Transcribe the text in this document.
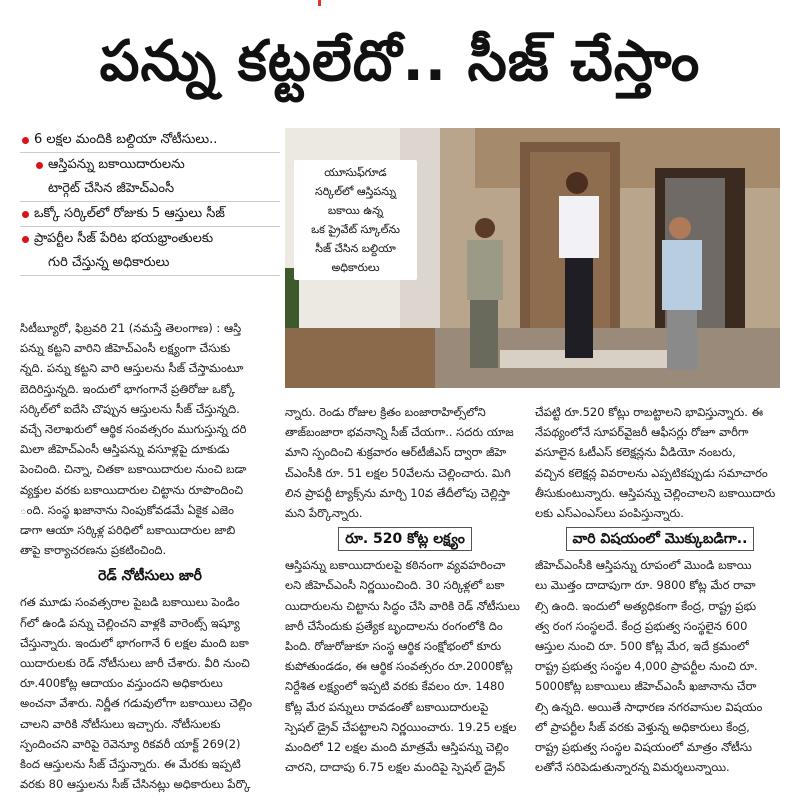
పన్ను కట్టలేదో.. సీజ్ చేస్తాం
6 లక్షల మందికి బల్దియా నోటీసులు..
ఆస్తిపన్ను బకాయిదారులను
టార్గెట్ చేసిన జీహెచ్ఎంసీ
ఒక్కో సర్కిల్‌లో రోజుకు 5 ఆస్తులు సీజ్
ప్రాపర్టీల సీజ్ పేరిట భయభ్రాంతులకు
గురి చేస్తున్న అధికారులు
యూసుఫ్‌గూడ
సర్కిల్‌లో ఆస్తిపన్ను
బకాయి ఉన్న
ఒక ప్రైవేట్ స్కూల్‌ను
సీజ్ చేసిన బల్దియా
అధికారులు

సిటీబ్యూరో, ఫిబ్రవరి 21 (నమస్తే తెలంగాణ) : ఆస్తి

పన్ను కట్టని వారిని జీహెచ్ఎంసీ లక్ష్యంగా చేసుకు

న్నది. పన్ను కట్టని వారి ఆస్తులను సీజ్ చేస్తామంటూ

బెదిరిస్తున్నది. ఇందులో భాగంగానే ప్రతిరోజు ఒక్కో

సర్కిల్‌లో ఐదేసి చొప్పున ఆస్తులను సీజ్ చేస్తున్నది.

వచ్చే నెలాఖరులో ఆర్థిక సంవత్సరం ముగుస్తున్న దరి

మిలా జీహెచ్ఎంసీ ఆస్తిపన్ను వసూళ్లపై దూకుడు

పెంచింది. చిన్నా, చితకా బకాయిదారుల నుంచి బడా

వ్యక్తుల వరకు బకాయిదారుల చిట్టాను రూపొందించి

ంది. సంస్థ ఖజానాను నింపుకోవడమే ఏకైక ఎజెం

డాగా ఆయా సర్కిళ్ల పరిధిలో బకాయిదారుల జాబి

తాపై కార్యాచరణను ప్రకటించింది.

రెడ్ నోటీసులు జారీ

గత మూడు సంవత్సరాల పైబడి బకాయిలు పెండిం

గ్‌లో ఉండి పన్ను చెల్లించని వాళ్లకి వారెంట్స్ ఇష్యూ

చేస్తున్నారు. ఇందులో భాగంగానే 6 లక్షల మంది బకా

యిదారులకు రెడ్ నోటీసులు జారీ చేశారు. వీరి నుంచి

రూ.400కోట్ల ఆదాయం వస్తుందని అధికారులు

అంచనా వేశారు. నిర్ణీత గడువులోగా బకాయిలు చెల్లిం

చాలని వారికి నోటీసులు ఇచ్చారు. నోటీసులకు

స్పందించని వారిపై రెవెన్యూ రికవరీ యాక్ట్ 269(2)

కింద ఆస్తులను సీజ్ చేస్తున్నారు. ఈ మేరకు ఇప్పటి

వరకు 80 ఆస్తులను సీజ్ చేసినట్లు అధికారులు పేర్కొ

న్నారు. రెండు రోజుల క్రితం బంజారాహిల్స్‌లోని

తాజ్‌బంజారా భవనాన్ని సీజ్ చేయగా.. సదరు యాజ

మాని స్పందించి శుక్రవారం ఆర్‌టీజీఎస్ ద్వారా జీహె

చ్ఎంసీకి రూ. 51 లక్షల 50వేలను చెల్లించారు. మిగి

లిన ప్రాపర్టీ ట్యాక్స్‌ను మార్చి 10వ తేదీలోపు చెల్లిస్తా

మని పేర్కొన్నారు.

రూ. 520 కోట్ల లక్ష్యం

ఆస్తిపన్ను బకాయిదారులపై కఠినంగా వ్యవహరించా

లని జీహెచ్ఎంసీ నిర్ణయించింది. 30 సర్కిళ్లలో బకా

యిదారులను చిట్టాను సిద్ధం చేసి వారికి రెడ్ నోటీసులు

జారీ చేసేందుకు ప్రత్యేక బృందాలను రంగంలోకి దిం

పింది. రోజురోజుకూ సంస్థ ఆర్థిక సంక్షోభంలో కూరు

కుపోతుండడం, ఈ ఆర్థిక సంవత్సరం రూ.2000కోట్ల

నిర్దేశిత లక్ష్యంలో ఇప్పటి వరకు కేవలం రూ. 1480

కోట్ల మేర పన్నులు రావడంతో బకాయిదారులపై

స్పెషల్ డ్రైవ్ చేపట్టాలని నిర్ణయించారు. 19.25 లక్షల

మందిలో 12 లక్షల మంది మాత్రమే ఆస్తిపన్ను చెల్లిం

చారని, దాదాపు 6.75 లక్షల మందిపై స్పెషల్ డ్రైవ్

చేపట్టి రూ.520 కోట్లు రాబట్టాలని భావిస్తున్నారు. ఈ

నేపథ్యంలోనే సూపర్‌వైజరీ ఆఫీసర్లు రోజూ వారీగా

వసూలైన ఓటీఎస్ కలెక్షన్లను వీడియో నంబరు,

వచ్చిన కలెక్షన్ల వివరాలను ఎప్పటికప్పుడు సమాచారం

తీసుకుంటున్నారు. ఆస్తిపన్ను చెల్లించాలని బకాయిదారు

లకు ఎస్ఎంఎస్‌లు పంపిస్తున్నారు.

వారి విషయంలో మొక్కుబడిగా..

జీహెచ్ఎంసీకి ఆస్తిపన్ను రూపంలో మొండి బకాయి

లు మొత్తం దాదాపుగా రూ. 9800 కోట్ల మేర రావా

ల్సి ఉంది. ఇందులో అత్యధికంగా కేంద్ర, రాష్ట్ర ప్రభు

త్వ రంగ సంస్థలదే. కేంద్ర ప్రభుత్వ సంస్థలైన 600

ఆస్తుల నుంచి రూ. 500 కోట్ల మేర, ఇదే క్రమంలో

రాష్ట్ర ప్రభుత్వ సంస్థల 4,000 ప్రాపర్టీల నుంచి రూ.

5000కోట్ల బకాయిలు జీహెచ్ఎంసీ ఖజానాను చేరా

ల్సి ఉన్నది. అయితే సాధారణ నగరవాసుల విషయం

లో ప్రాపర్టీల సీజ్ వరకు వెళ్తున్న అధికారులు కేంద్ర,

రాష్ట్ర ప్రభుత్వ సంస్థల విషయంలో మాత్రం నోటీసు

లతోనే సరిపెడుతున్నారన్న విమర్శలున్నాయి.
